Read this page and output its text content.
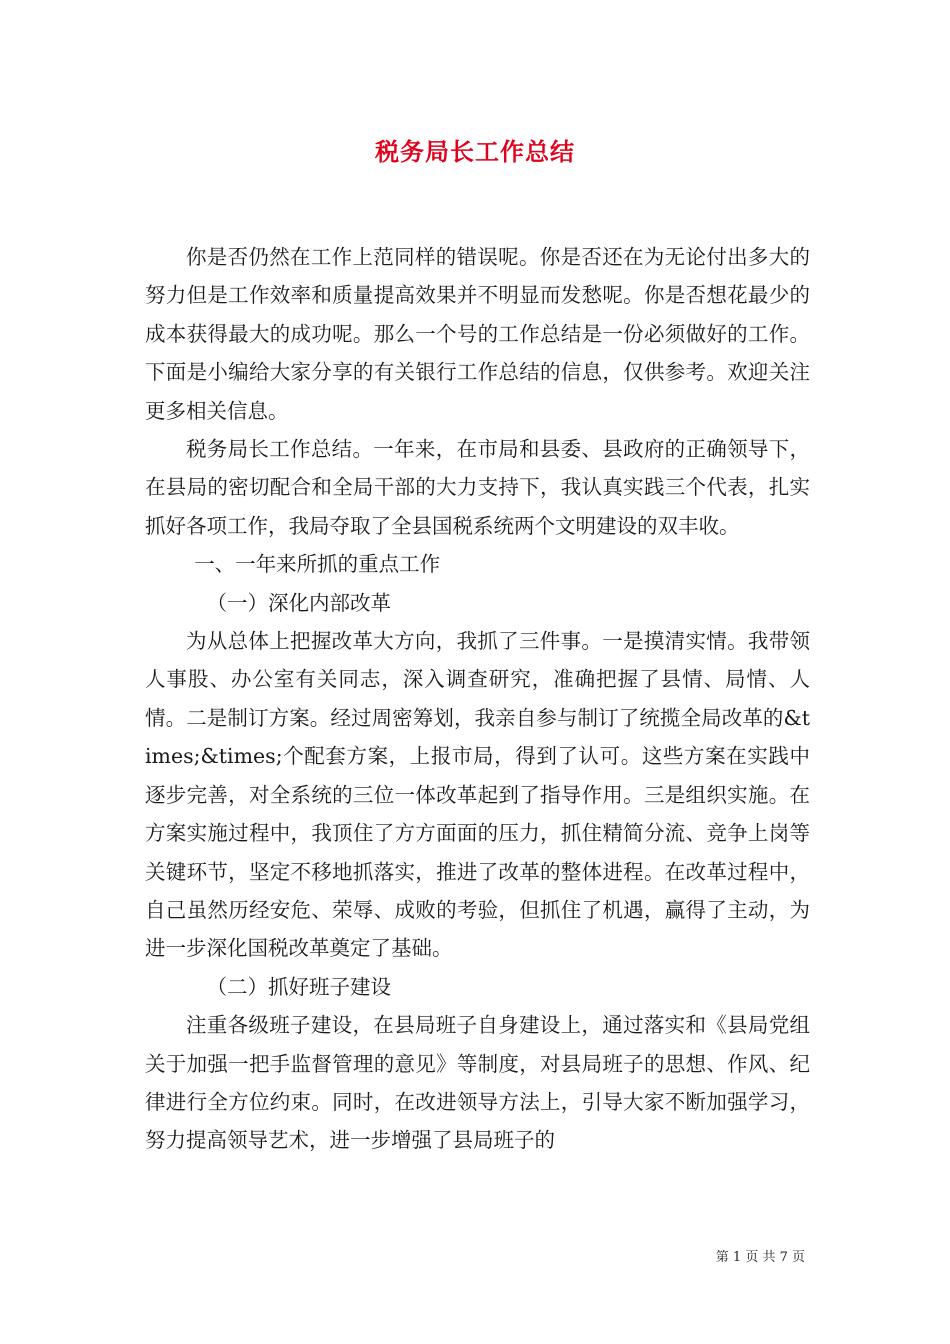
税务局长工作总结

你是否仍然在工作上范同样的错误呢。你是否还在为无论付出多大的努力但是工作效率和质量提高效果并不明显而发愁呢。你是否想花最少的成本获得最大的成功呢。那么一个号的工作总结是一份必须做好的工作。下面是小编给大家分享的有关银行工作总结的信息，仅供参考。欢迎关注更多相关信息。

税务局长工作总结。一年来，在市局和县委、县政府的正确领导下，在县局的密切配合和全局干部的大力支持下，我认真实践三个代表，扎实抓好各项工作，我局夺取了全县国税系统两个文明建设的双丰收。

一、一年来所抓的重点工作

（一）深化内部改革

为从总体上把握改革大方向，我抓了三件事。一是摸清实情。我带领人事股、办公室有关同志，深入调查研究，准确把握了县情、局情、人情。二是制订方案。经过周密筹划，我亲自参与制订了统揽全局改革的&times;&times;个配套方案，上报市局，得到了认可。这些方案在实践中逐步完善，对全系统的三位一体改革起到了指导作用。三是组织实施。在方案实施过程中，我顶住了方方面面的压力，抓住精简分流、竞争上岗等关键环节，坚定不移地抓落实，推进了改革的整体进程。在改革过程中，自己虽然历经安危、荣辱、成败的考验，但抓住了机遇，赢得了主动，为进一步深化国税改革奠定了基础。

（二）抓好班子建设

注重各级班子建设，在县局班子自身建设上，通过落实和《县局党组关于加强一把手监督管理的意见》等制度，对县局班子的思想、作风、纪律进行全方位约束。同时，在改进领导方法上，引导大家不断加强学习，努力提高领导艺术，进一步增强了县局班子的

第 1 页 共 7 页
